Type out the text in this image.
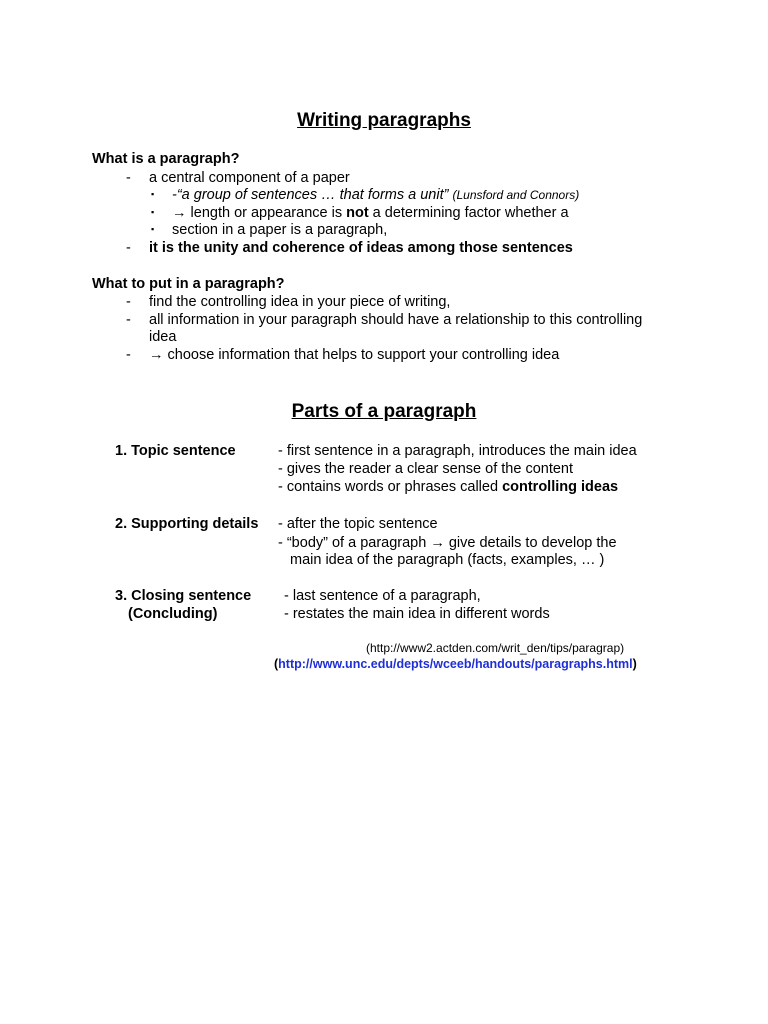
Writing paragraphs
What is a paragraph?
- a central component of a paper
▪ -“a group of sentences … that forms a unit” (Lunsford and Connors)
▪ → length or appearance is not a determining factor whether a
▪ section in a paper is a paragraph,
- it is the unity and coherence of ideas among those sentences
What to put in a paragraph?
- find the controlling idea in your piece of writing,
- all information in your paragraph should have a relationship to this controlling
idea
- → choose information that helps to support your controlling idea
Parts of a paragraph
1. Topic sentence	- first sentence in a paragraph, introduces the main idea
- gives the reader a clear sense of the content
- contains words or phrases called controlling ideas
2. Supporting details - after the topic sentence
- “body” of a paragraph → give details to develop the
main idea of the paragraph (facts, examples, … )
3. Closing sentence
(Concluding)
- last sentence of a paragraph,
- restates the main idea in different words
(http://www2.actden.com/writ_den/tips/paragrap)
(http://www.unc.edu/depts/wceeb/handouts/paragraphs.html)
